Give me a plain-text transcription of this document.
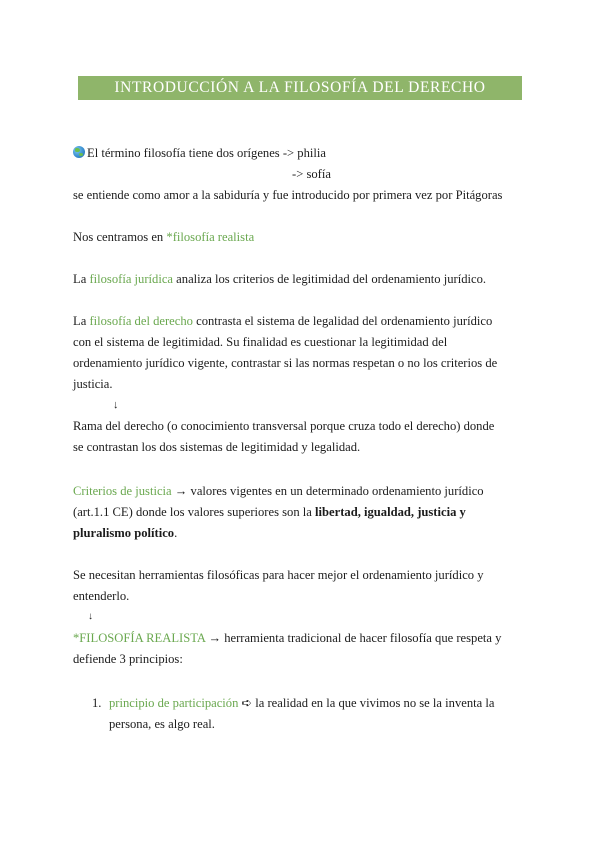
INTRODUCCIÓN A LA FILOSOFÍA DEL DERECHO
El término filosofía tiene dos orígenes -> philia
-> sofía
se entiende como amor a la sabiduría y fue introducido por primera vez por Pitágoras
Nos centramos en *filosofía realista
La filosofía jurídica analiza los criterios de legitimidad del ordenamiento jurídico.
La filosofía del derecho contrasta el sistema de legalidad del ordenamiento jurídico
con el sistema de legitimidad. Su finalidad es cuestionar la legitimidad del
ordenamiento jurídico vigente, contrastar si las normas respetan o no los criterios de
justicia.
↓
Rama del derecho (o conocimiento transversal porque cruza todo el derecho) donde
se contrastan los dos sistemas de legitimidad y legalidad.
Criterios de justicia → valores vigentes en un determinado ordenamiento jurídico
(art.1.1 CE) donde los valores superiores son la libertad, igualdad, justicia y
pluralismo político.
Se necesitan herramientas filosóficas para hacer mejor el ordenamiento jurídico y
entenderlo.
↓
*FILOSOFÍA REALISTA → herramienta tradicional de hacer filosofía que respeta y
defiende 3 principios:
1. principio de participación ➪ la realidad en la que vivimos no se la inventa la
persona, es algo real.
